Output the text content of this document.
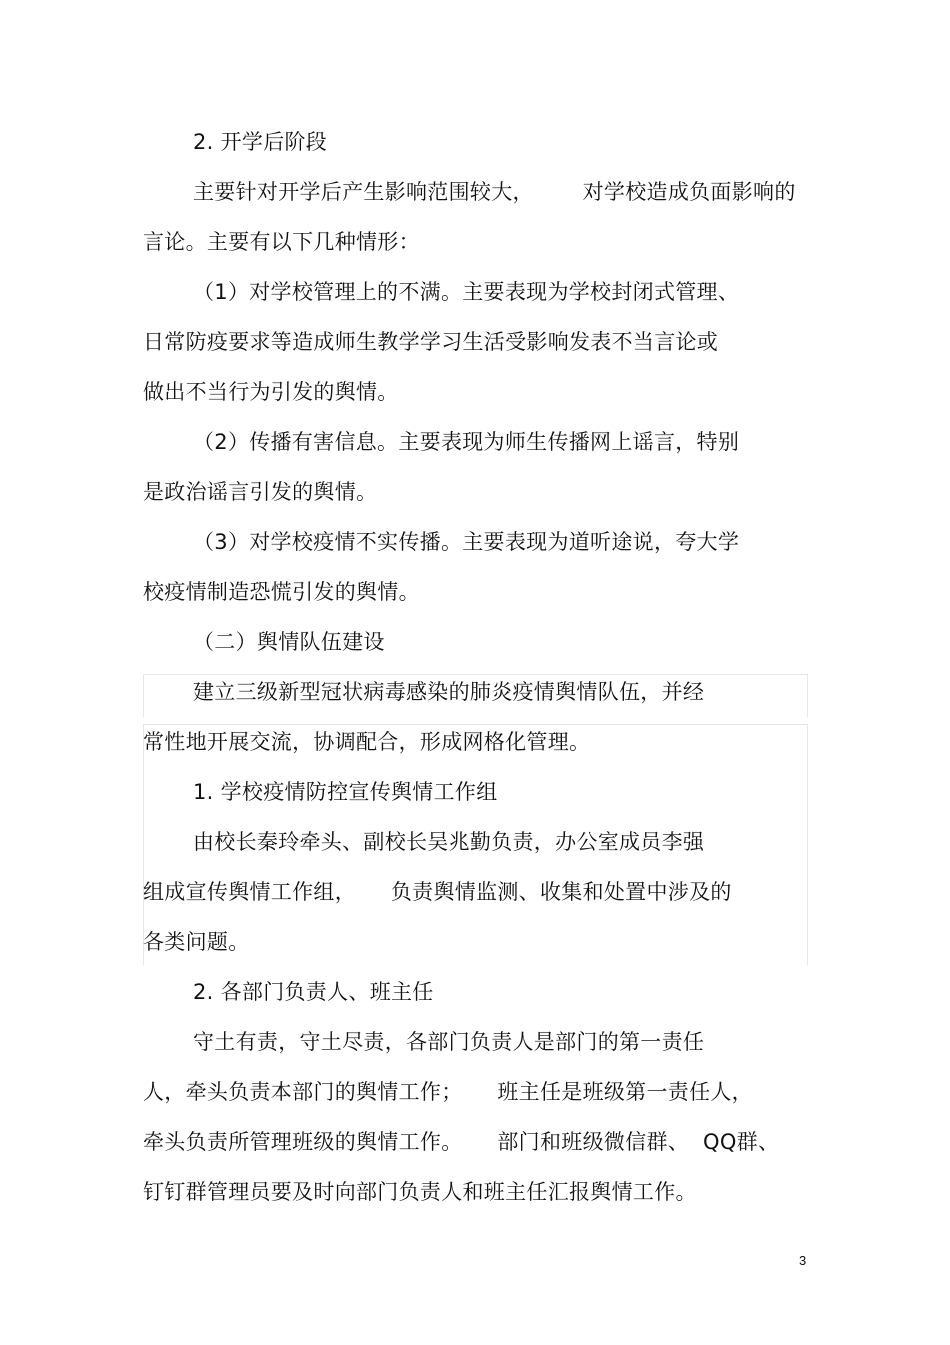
2. 开学后阶段
主要针对开学后产生影响范围较大，       对学校造成负面影响的
言论。主要有以下几种情形：
（1）对学校管理上的不满。主要表现为学校封闭式管理、
日常防疫要求等造成师生教学学习生活受影响发表不当言论或
做出不当行为引发的舆情。
（2）传播有害信息。主要表现为师生传播网上谣言，特别
是政治谣言引发的舆情。
（3）对学校疫情不实传播。主要表现为道听途说，夸大学
校疫情制造恐慌引发的舆情。
（二）舆情队伍建设
建立三级新型冠状病毒感染的肺炎疫情舆情队伍，并经
常性地开展交流，协调配合，形成网格化管理。
1. 学校疫情防控宣传舆情工作组
由校长秦玲牵头、副校长吴兆勤负责，办公室成员李强
组成宣传舆情工作组，     负责舆情监测、收集和处置中涉及的
各类问题。
2. 各部门负责人、班主任
守土有责，守土尽责，各部门负责人是部门的第一责任
人，牵头负责本部门的舆情工作；     班主任是班级第一责任人，
牵头负责所管理班级的舆情工作。     部门和班级微信群、  QQ群、
钉钉群管理员要及时向部门负责人和班主任汇报舆情工作。
3
